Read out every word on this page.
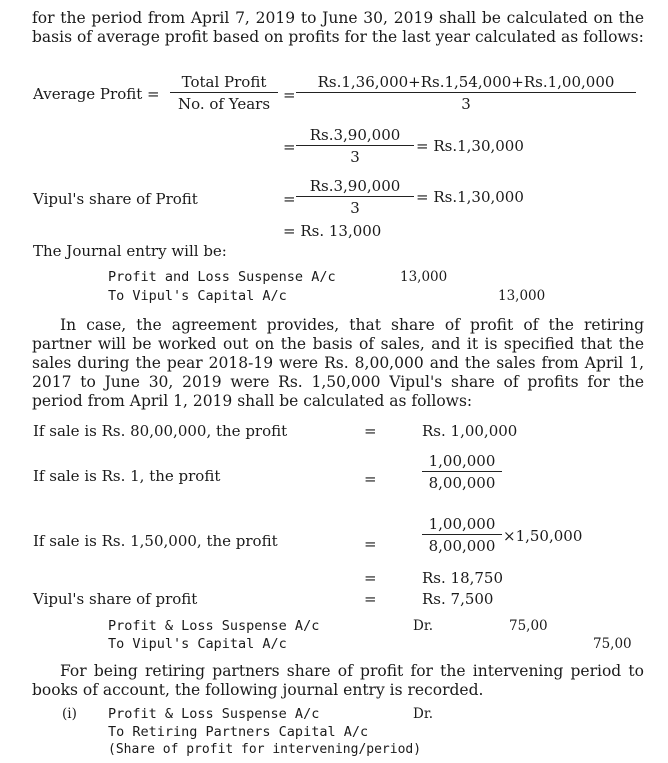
for the period from April 7, 2019 to June 30, 2019 shall be calculated on the basis of average profit based on profits for the last year calculated as follows:
Average Profit =
Total Profit
No. of Years = $\frac{Rs.1,36,000+Rs.1,54,000+Rs.1,00,000}{3}$
= $\frac{Rs.3,90,000}{3} = Rs.1,30,000$
Vipul's share of Profit	= $\frac{Rs.3,90,000}{3} = Rs.1,30,000$
= Rs. 13,000
The Journal entry will be:
Profit and Loss Suspense A/c	13,000
To Vipul's Capital A/c	13,000
In case, the agreement provides, that share of profit of the retiring partner will be worked out on the basis of sales, and it is specified that the sales during the pear 2018-19 were Rs. 8,00,000 and the sales from April 1, 2017 to June 30, 2019 were Rs. 1,50,000 Vipul's share of profits for the period from April 1, 2019 shall be calculated as follows:
If sale is Rs. 80,00,000, the profit	=	Rs. 1,00,000
If sale is Rs. 1, the profit	=	$\frac{1,00,000}{8,00,000}$
If sale is Rs. 1,50,000, the profit	=	$\frac{1,00,000}{8,00,000} \times 1,50,000$
=	Rs. 18,750
Vipul's share of profit	=	Rs. 7,500
Profit & Loss Suspense A/c	Dr.	75,00
To Vipul's Capital A/c	75,00
For being retiring partners share of profit for the intervening period to books of account, the following journal entry is recorded.
(i) Profit & Loss Suspense A/c	Dr.
To Retiring Partners Capital A/c
(Share of profit for intervening/period)
